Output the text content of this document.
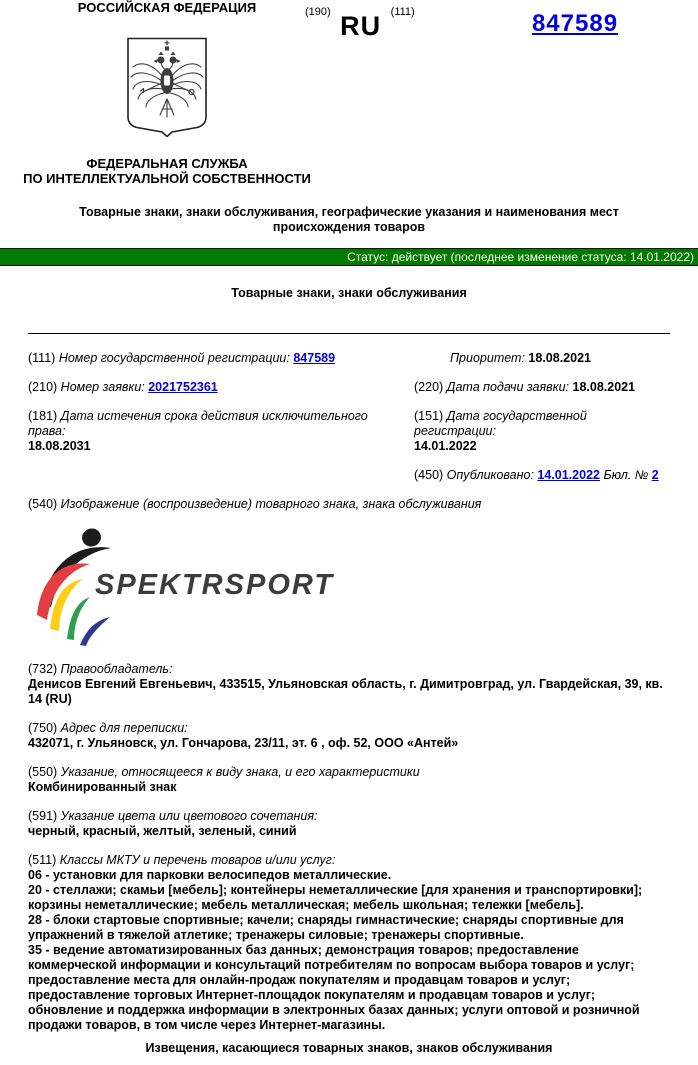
РОССИЙСКАЯ ФЕДЕРАЦИЯ	(190) RU (111)	847589
ФЕДЕРАЛЬНАЯ СЛУЖБА
ПО ИНТЕЛЛЕКТУАЛЬНОЙ СОБСТВЕННОСТИ
Товарные знаки, знаки обслуживания, географические указания и наименования мест происхождения товаров
Статус: действует (последнее изменение статуса: 14.01.2022)
Товарные знаки, знаки обслуживания
(111) Номер государственной регистрации: 847589	Приоритет: 18.08.2021
(210) Номер заявки: 2021752361	(220) Дата подачи заявки: 18.08.2021
(181) Дата истечения срока действия исключительного права:
18.08.2031
(151) Дата государственной регистрации:
14.01.2022
(450) Опубликовано: 14.01.2022 Бюл. № 2
(540) Изображение (воспроизведение) товарного знака, знака обслуживания
SPEKTRSPORT
(732) Правообладатель:
Денисов Евгений Евгеньевич, 433515, Ульяновская область, г. Димитровград, ул. Гвардейская, 39, кв. 14 (RU)
(750) Адрес для переписки:
432071, г. Ульяновск, ул. Гончарова, 23/11, эт. 6 , оф. 52, ООО «Антей»
(550) Указание, относящееся к виду знака, и его характеристики
Комбинированный знак
(591) Указание цвета или цветового сочетания:
черный, красный, желтый, зеленый, синий
(511) Классы МКТУ и перечень товаров и/или услуг:
06 - установки для парковки велосипедов металлические.
20 - стеллажи; скамьи [мебель]; контейнеры неметаллические [для хранения и транспортировки]; корзины неметаллические; мебель металлическая; мебель школьная; тележки [мебель].
28 - блоки стартовые спортивные; качели; снаряды гимнастические; снаряды спортивные для упражнений в тяжелой атлетике; тренажеры силовые; тренажеры спортивные.
35 - ведение автоматизированных баз данных; демонстрация товаров; предоставление коммерческой информации и консультаций потребителям по вопросам выбора товаров и услуг; предоставление места для онлайн-продаж покупателям и продавцам товаров и услуг; предоставление торговых Интернет-площадок покупателям и продавцам товаров и услуг; обновление и поддержка информации в электронных базах данных; услуги оптовой и розничной продажи товаров, в том числе через Интернет-магазины.
Извещения, касающиеся товарных знаков, знаков обслуживания
